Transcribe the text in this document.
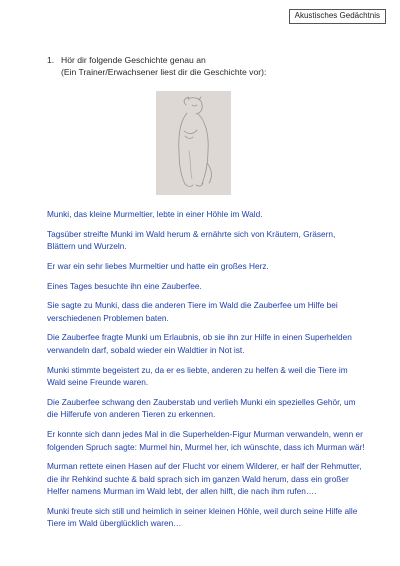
Akustisches Gedächtnis
1. Hör dir folgende Geschichte genau an
(Ein Trainer/Erwachsener liest dir die Geschichte vor):

Munki, das kleine Murmeltier, lebte in einer Höhle im Wald.

Tagsüber streifte Munki im Wald herum & ernährte sich von Kräutern, Gräsern, Blättern und Wurzeln.

Er war ein sehr liebes Murmeltier und hatte ein großes Herz.

Eines Tages besuchte ihn eine Zauberfee.

Sie sagte zu Munki, dass die anderen Tiere im Wald die Zauberfee um Hilfe bei verschiedenen Problemen baten.

Die Zauberfee fragte Munki um Erlaubnis, ob sie ihn zur Hilfe in einen Superhelden verwandeln darf, sobald wieder ein Waldtier in Not ist.

Munki stimmte begeistert zu, da er es liebte, anderen zu helfen & weil die Tiere im Wald seine Freunde waren.

Die Zauberfee schwang den Zauberstab und verlieh Munki ein spezielles Gehör, um die Hilferufe von anderen Tieren zu erkennen.

Er konnte sich dann jedes Mal in die Superhelden-Figur Murman verwandeln, wenn er folgenden Spruch sagte: Murmel hin, Murmel her, ich wünschte, dass ich Murman wär!

Murman rettete einen Hasen auf der Flucht vor einem Wilderer, er half der Rehmutter, die ihr Rehkind suchte & bald sprach sich im ganzen Wald herum, dass ein großer Helfer namens Murman im Wald lebt, der allen hilft, die nach ihm rufen….

Munki freute sich still und heimlich in seiner kleinen Höhle, weil durch seine Hilfe alle Tiere im Wald überglücklich waren…
